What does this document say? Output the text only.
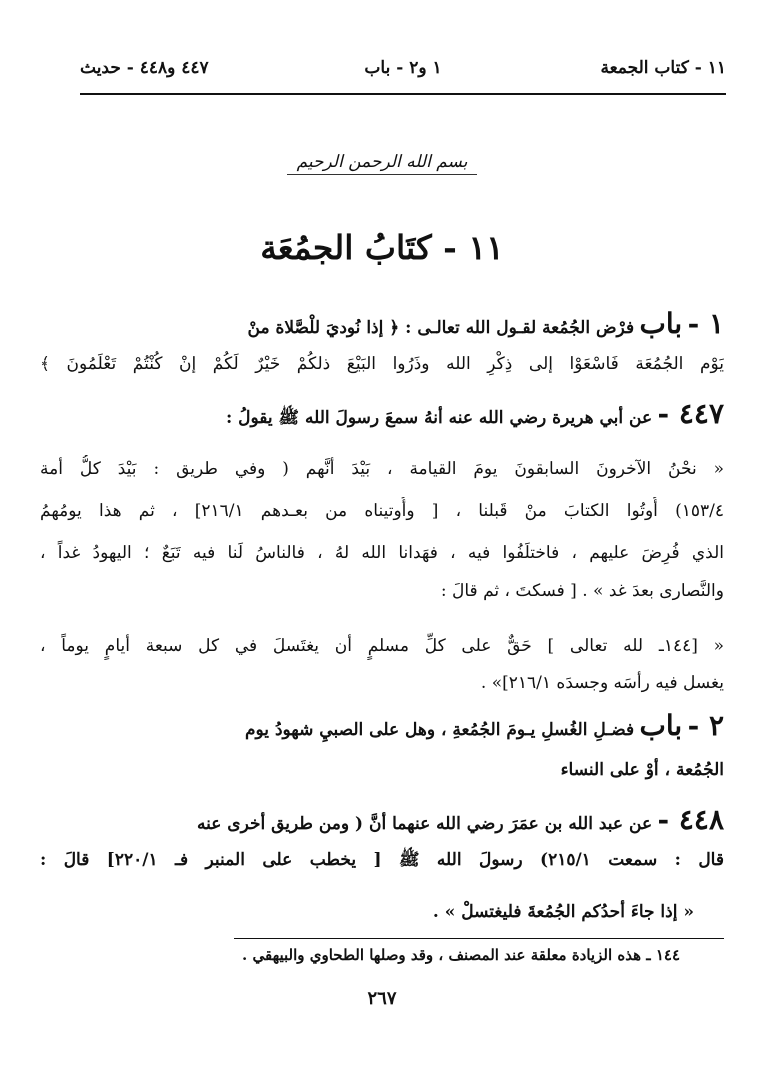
١١ - كتاب الجمعة
١ و٢ - باب
٤٤٧ و٤٤٨ - حديث
بسم الله الرحمن الرحيم
١١ - كتَابُ الجمُعَة
١ - باب فرْض الجُمُعة لقـول الله تعالـى : ﴿ إذا نُوديَ للْصَّلاة منْ
يَوْم الجُمُعَة فَاسْعَوْا إلى ذِكْرِ الله وذَرُوا البَيْعَ ذلكُمْ خَيْرٌ لَكُمْ إنْ كُنْتُمْ تَعْلَمُونَ ﴾
٤٤٧ - عن أبي هريرة رضي الله عنه أنهُ سمعَ رسولَ الله ﷺ يقولُ :
« نحْنُ الآخرونَ السابقونَ يومَ القيامة ، بَيْدَ أنَّهم ( وفي طريق : بَيْدَ كلُّ أمة
١٥٣/٤) أُوتُوا الكتابَ منْ قَبلنا ، [ وأُوتيناه من بعـدهم ٢١٦/١] ، ثم هذا يومُهمُ
الذي فُرِضَ عليهم ، فاختلَفُوا فيه ، فهَدانا الله لهُ ، فالناسُ لَنا فيه تَبَعٌ ؛ اليهودُ غداً ،
والنَّصارى بعدَ غد » . [ فسكتَ ، ثم قالَ :
« [١٤٤ـ لله تعالى ] حَقٌّ على كلِّ مسلمٍ أن يغتَسلَ في كل سبعة أيامٍ يوماً ،
يغسل فيه رأسَه وجسدَه ٢١٦/١]» .
٢ - باب فضـلِ الغُسلِ يـومَ الجُمُعةِ ، وهل على الصبيِ شهودُ يوم
الجُمُعة ، أوْ على النساء
٤٤٨ - عن عبد الله بن عمَرَ رضي الله عنهما أنَّ ( ومن طريق أخرى عنه
قال : سمعت ٢١٥/١) رسولَ الله ﷺ [ يخطب على المنبر فـ ٢٢٠/١] قالَ :
« إذا جاءَ أحدُكم الجُمُعةَ فليغتسلْ » .
١٤٤ ـ هذه الزيادة معلقة عند المصنف ، وقد وصلها الطحاوي والبيهقي .
٢٦٧
